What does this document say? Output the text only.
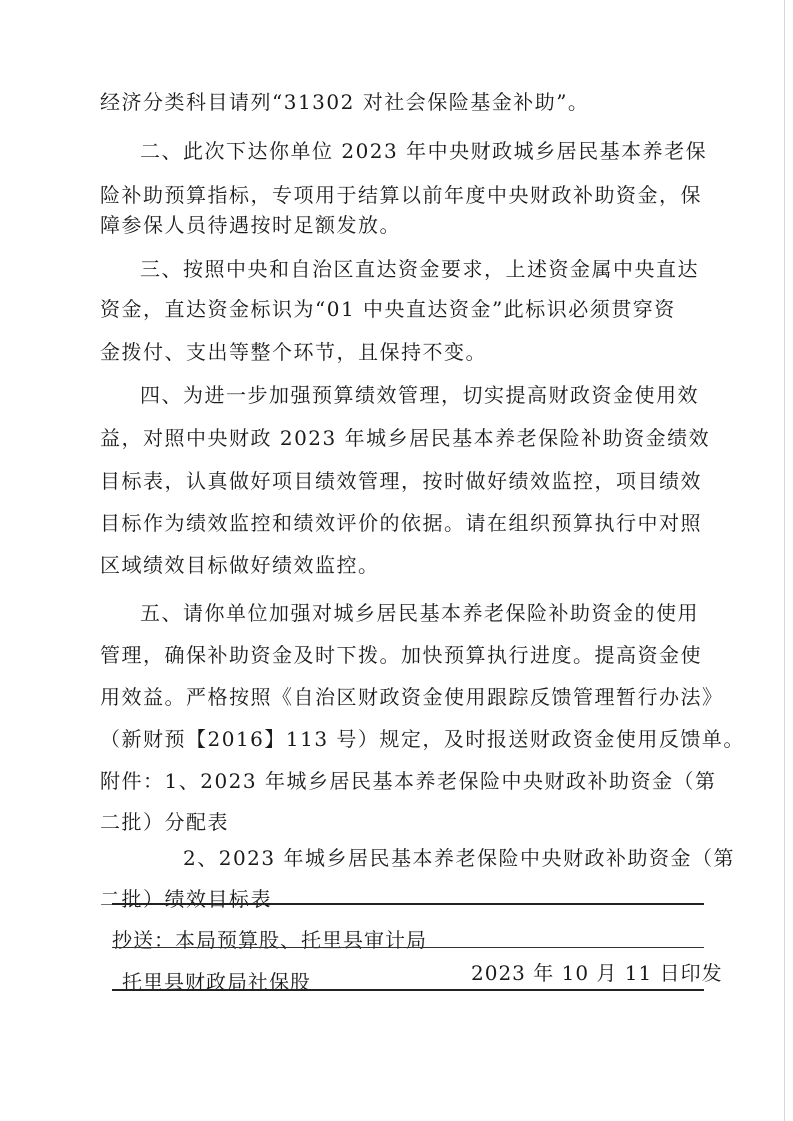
经济分类科目请列“31302 对社会保险基金补助”。
二、此次下达你单位 2023 年中央财政城乡居民基本养老保
险补助预算指标，专项用于结算以前年度中央财政补助资金，保
障参保人员待遇按时足额发放。
三、按照中央和自治区直达资金要求，上述资金属中央直达
资金，直达资金标识为“01 中央直达资金”此标识必须贯穿资
金拨付、支出等整个环节，且保持不变。
四、为进一步加强预算绩效管理，切实提高财政资金使用效
益，对照中央财政 2023 年城乡居民基本养老保险补助资金绩效
目标表，认真做好项目绩效管理，按时做好绩效监控，项目绩效
目标作为绩效监控和绩效评价的依据。请在组织预算执行中对照
区域绩效目标做好绩效监控。
五、请你单位加强对城乡居民基本养老保险补助资金的使用
管理，确保补助资金及时下拨。加快预算执行进度。提高资金使
用效益。严格按照《自治区财政资金使用跟踪反馈管理暂行办法》
（新财预【2016】113 号）规定，及时报送财政资金使用反馈单。
附件：1、2023 年城乡居民基本养老保险中央财政补助资金（第
二批）分配表
2、2023 年城乡居民基本养老保险中央财政补助资金（第
二批）绩效目标表
抄送：本局预算股、托里县审计局
托里县财政局社保股	2023 年 10 月 11 日印发
